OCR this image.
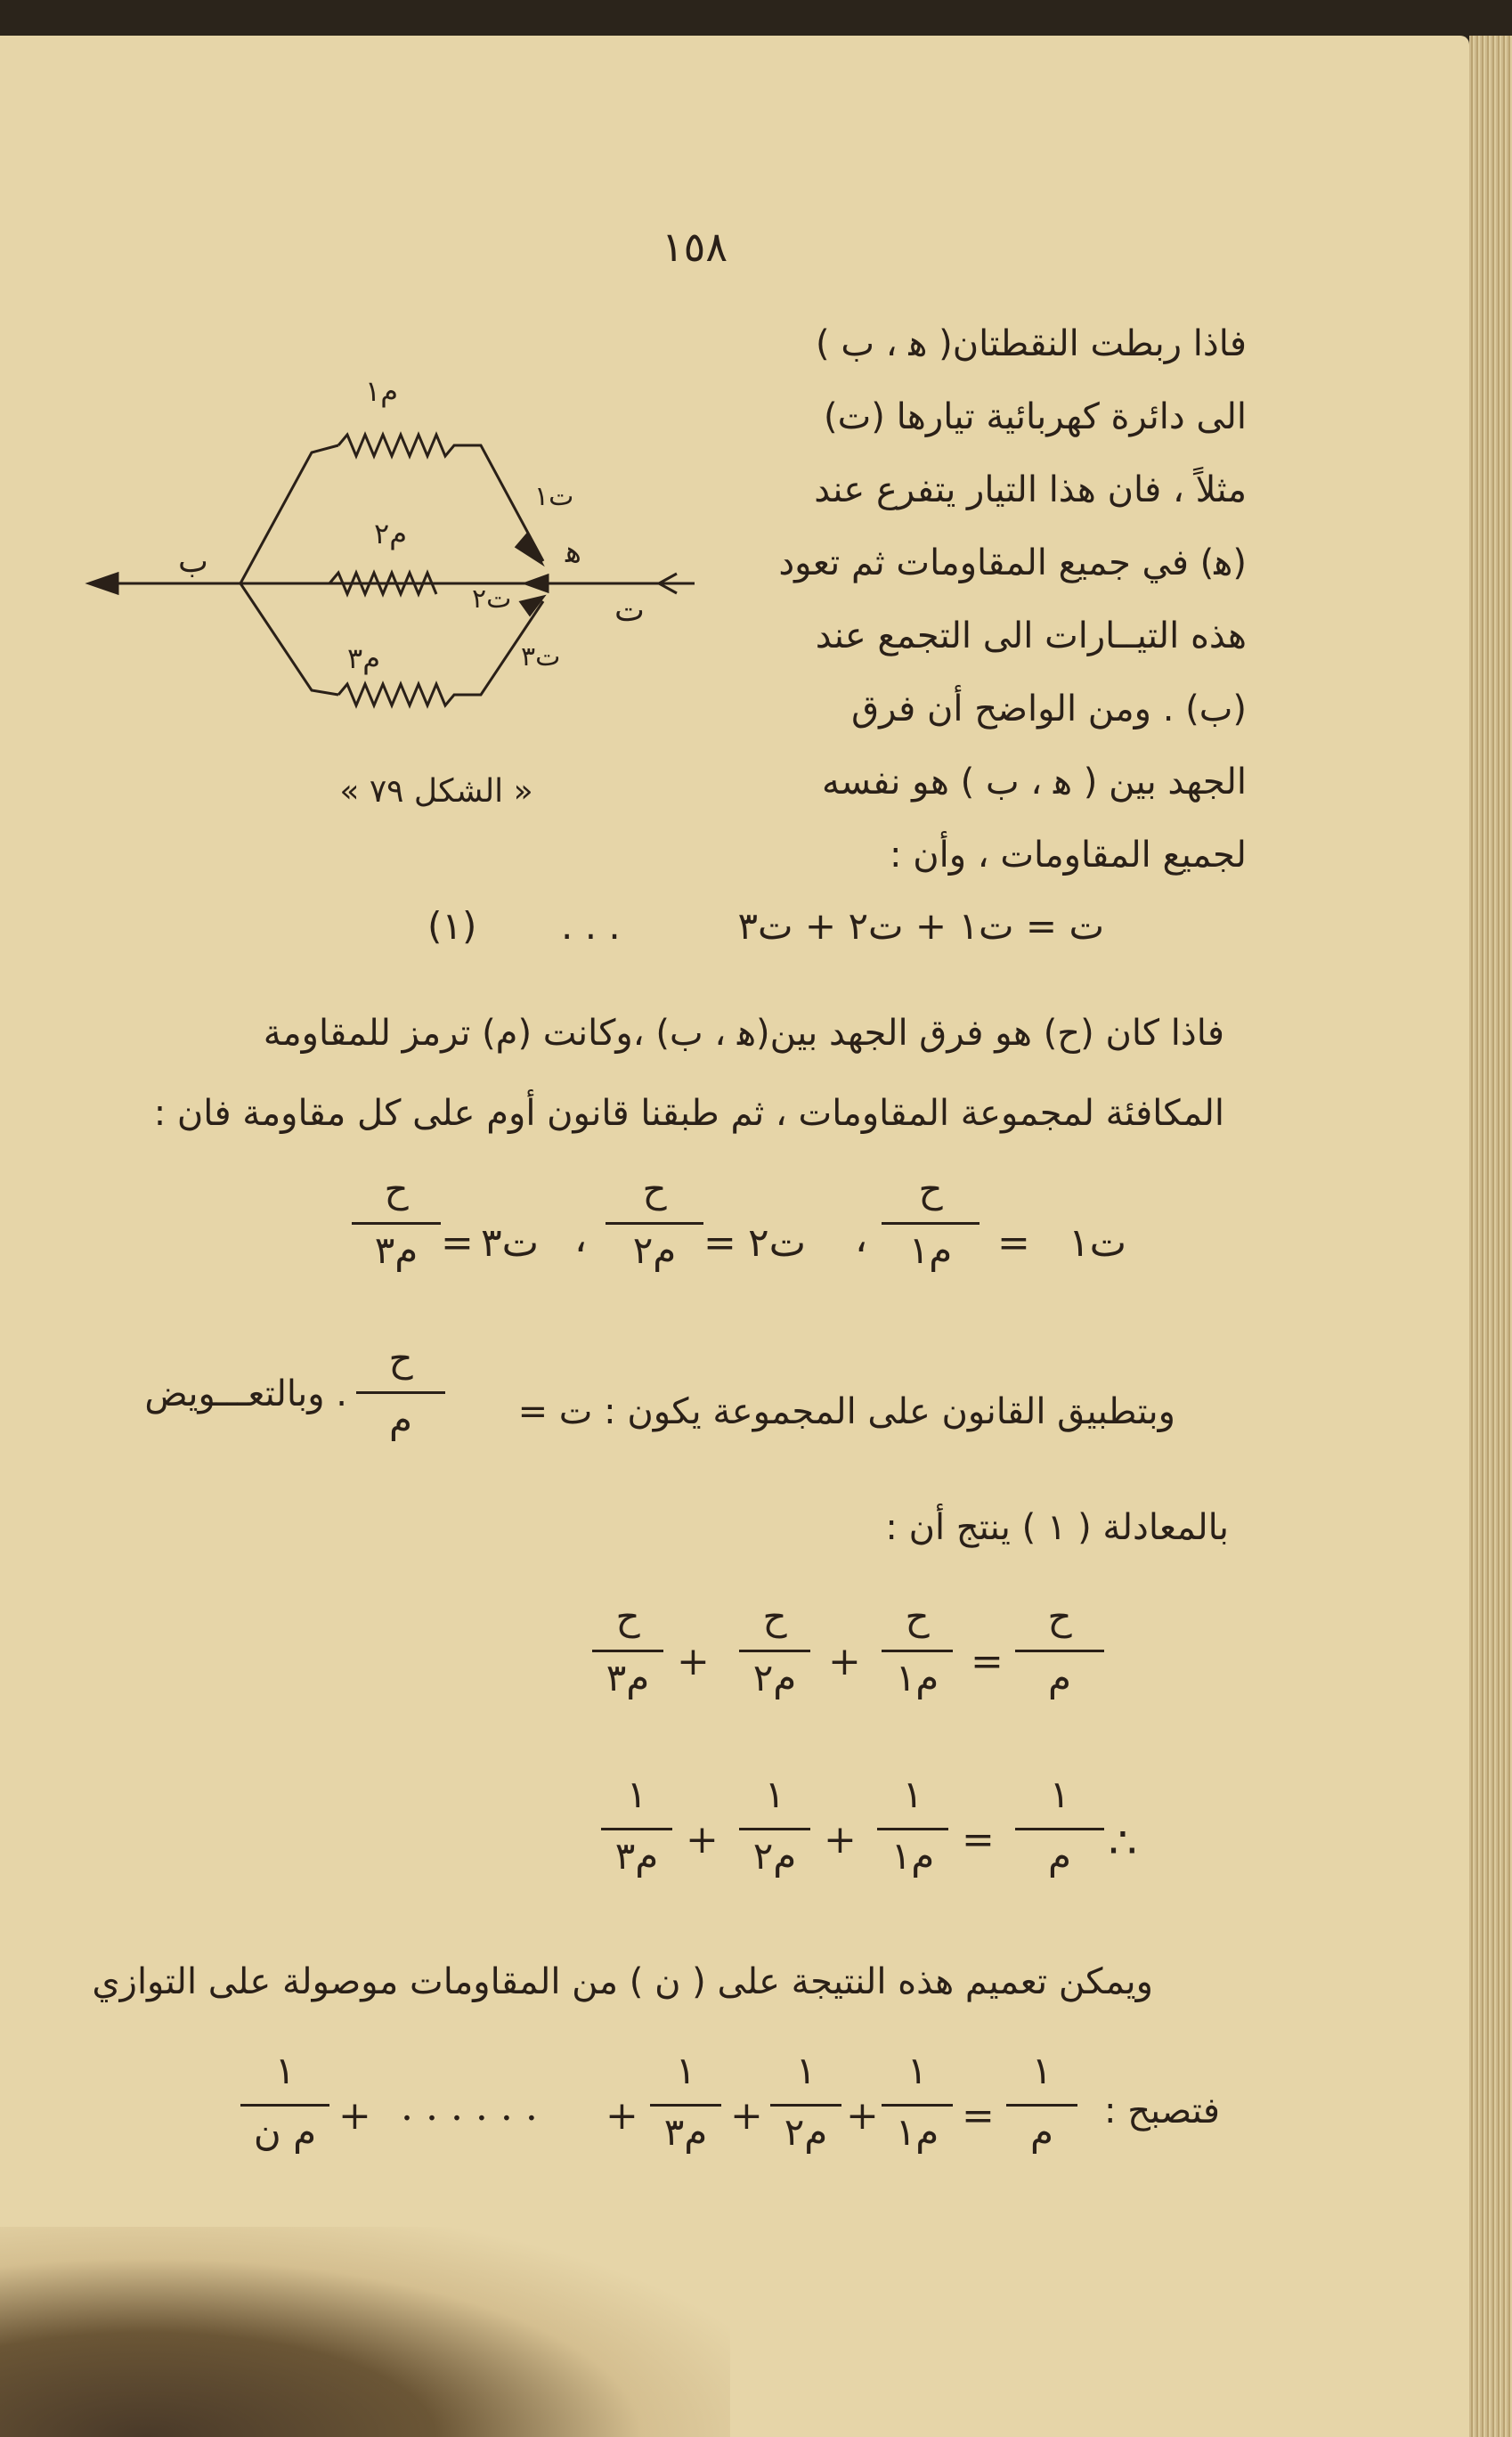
١٥٨
فاذا ربطت النقطتان( ﻫ ، ب )
الى دائرة كهربائية تيارها (ت)
مثلاً ، فان هذا التيار يتفرع عند
(ﻫ) في جميع المقاومات ثم تعود
هذه التيــارات الى التجمع عند
(ب) . ومن الواضح أن فرق
الجهد بين ( ﻫ ، ب ) هو نفسه
لجميع المقاومات ، وأن :
م١
م٢
م٣
ت١
ت٢
ت٣
ت
ﻫ
ب
« الشكل ٧٩ »
ت = ت١ + ت٢ + ت٣
. . .
(١)
فاذا كان (ح) هو فرق الجهد بين(ﻫ ، ب) ،وكانت (م) ترمز للمقاومة
المكافئة لمجموعة المقاومات ، ثم طبقنا قانون أوم على كل مقاومة فان :
ت١
=
ح
م١
،
ت٢
=
ح
م٢
،
ت٣
=
ح
م٣
وبتطبيق القانون على المجموعة يكون : ت =
ح
م
. وبالتعـــويض
بالمعادلة ( ١ ) ينتج أن :
ح
م
=
ح
م١
+
ح
م٢
+
ح
م٣
∴
١
م
=
١
م١
+
١
م٢
+
١
م٣
ويمكن تعميم هذه النتيجة على ( ن ) من المقاومات موصولة على التوازي
فتصبح :
١
م
=
١
م١
+
١
م٢
+
١
م٣
+
. . . . . .
+
١
م ن
